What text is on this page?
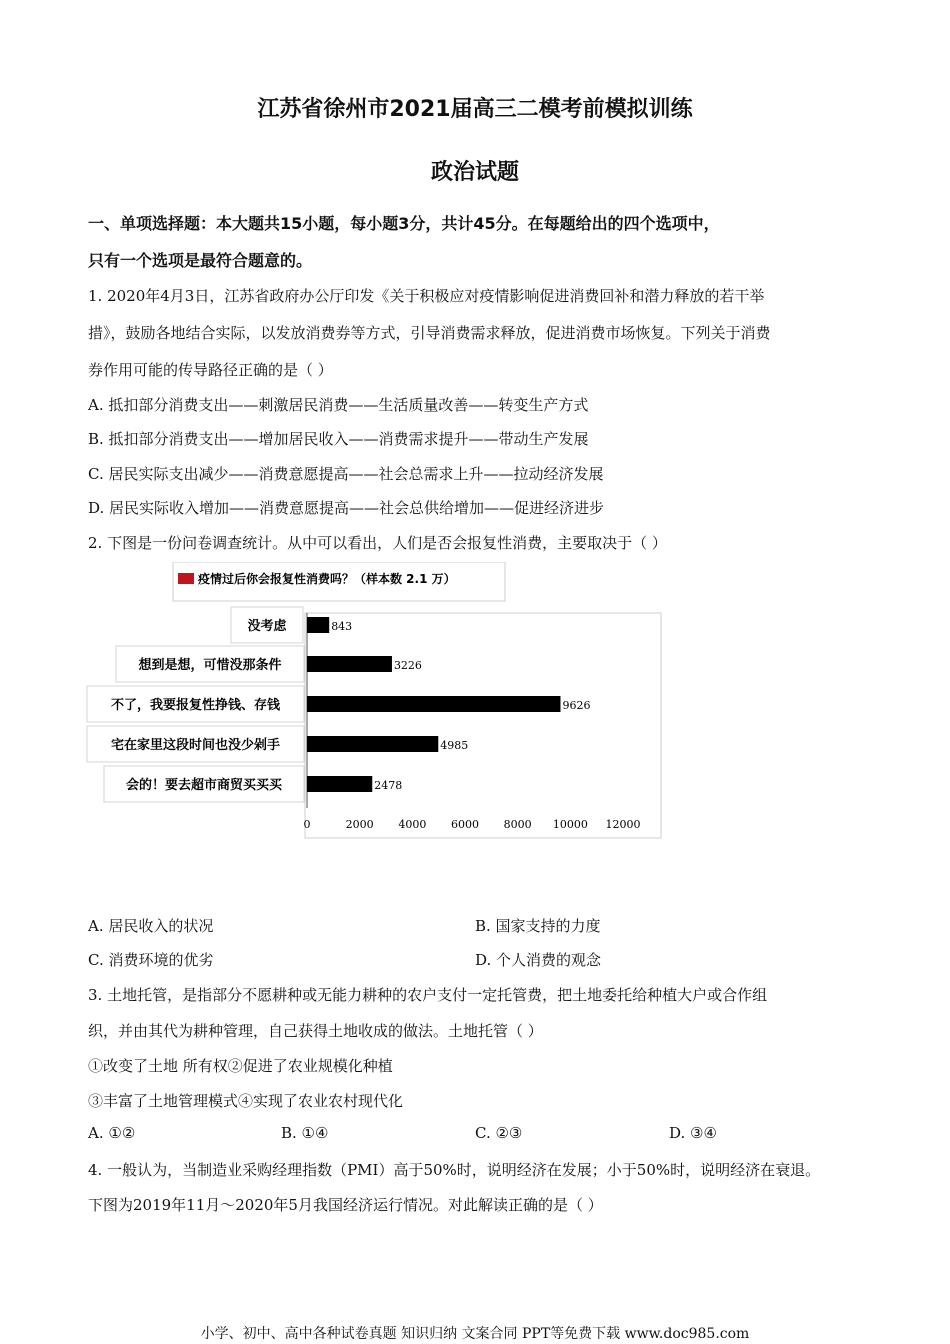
江苏省徐州市2021届高三二模考前模拟训练
政治试题
一、单项选择题：本大题共15小题，每小题3分，共计45分。在每题给出的四个选项中，
只有一个选项是最符合题意的。
1. 2020年4月3日，江苏省政府办公厅印发《关于积极应对疫情影响促进消费回补和潜力释放的若干举
措》，鼓励各地结合实际，以发放消费券等方式，引导消费需求释放，促进消费市场恢复。下列关于消费
券作用可能的传导路径正确的是（ ）
A. 抵扣部分消费支出——刺激居民消费——生活质量改善——转变生产方式
B. 抵扣部分消费支出——增加居民收入——消费需求提升——带动生产发展
C. 居民实际支出减少——消费意愿提高——社会总需求上升——拉动经济发展
D. 居民实际收入增加——消费意愿提高——社会总供给增加——促进经济进步
2. 下图是一份问卷调查统计。从中可以看出，人们是否会报复性消费，主要取决于（ ）
疫情过后你会报复性消费吗？（样本数 2.1 万）
没考虑
想到是想，可惜没那条件
不了，我要报复性挣钱、存钱
宅在家里这段时间也没少剁手
会的！要去超市商贸买买买
843
3226
9626
4985
2478
0	2000 4000 6000 8000 10000 12000
A. 居民收入的状况	B. 国家支持的力度
C. 消费环境的优劣	D. 个人消费的观念
3. 土地托管，是指部分不愿耕种或无能力耕种的农户支付一定托管费，把土地委托给种植大户或合作组
织，并由其代为耕种管理，自己获得土地收成的做法。土地托管（ ）
①改变了土地 所有权②促进了农业规模化种植
③丰富了土地管理模式④实现了农业农村现代化
A. ①②	B. ①④	C. ②③	D. ③④
4. 一般认为，当制造业采购经理指数（PMI）高于50%时，说明经济在发展；小于50%时，说明经济在衰退。
下图为2019年11月～2020年5月我国经济运行情况。对此解读正确的是（ ）
小学、初中、高中各种试卷真题 知识归纳 文案合同 PPT等免费下载 www.doc985.com
